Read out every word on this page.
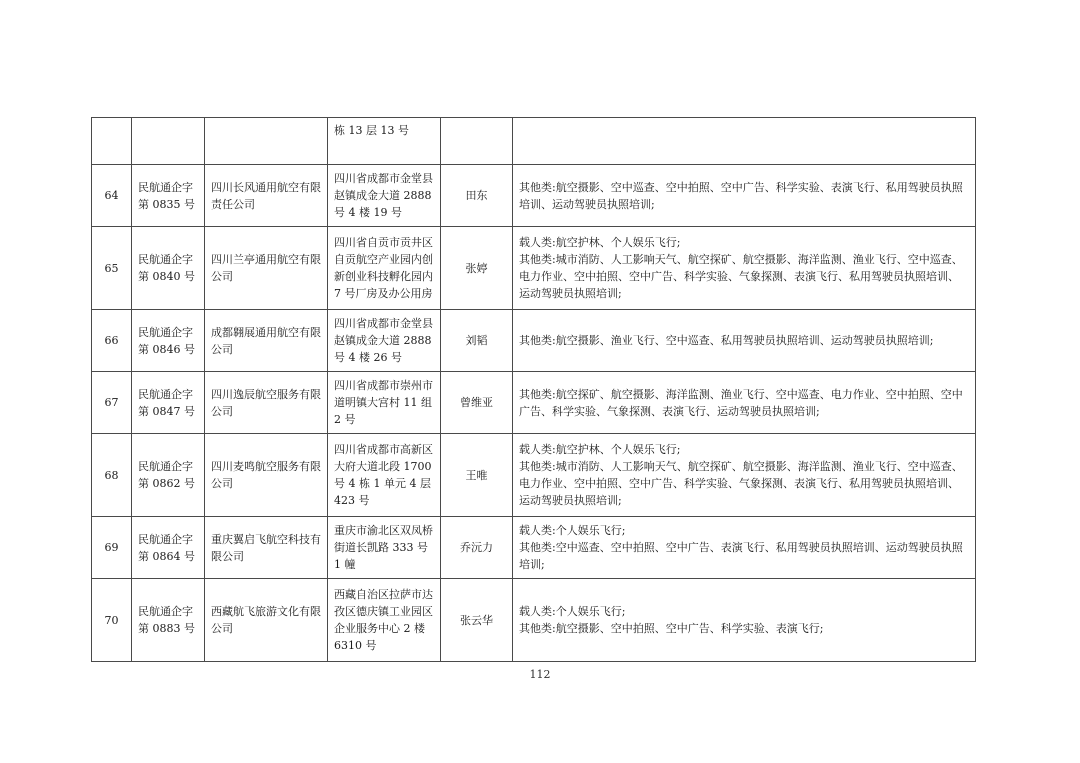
			栋 13 层 13 号		
64	民航通企字第 0835 号	四川长风通用航空有限责任公司	四川省成都市金堂县赵镇成金大道 2888 号 4 楼 19 号	田东	其他类:航空摄影、空中巡查、空中拍照、空中广告、科学实验、表演飞行、私用驾驶员执照培训、运动驾驶员执照培训;

65	民航通企字第 0840 号	四川兰亭通用航空有限公司	四川省自贡市贡井区自贡航空产业园内创新创业科技孵化园内 7 号厂房及办公用房	张婷	载人类:航空护林、个人娱乐飞行;
其他类:城市消防、人工影响天气、航空探矿、航空摄影、海洋监测、渔业飞行、空中巡查、电力作业、空中拍照、空中广告、科学实验、气象探测、表演飞行、私用驾驶员执照培训、运动驾驶员执照培训;

66	民航通企字第 0846 号	成都翱展通用航空有限公司	四川省成都市金堂县赵镇成金大道 2888 号 4 楼 26 号	刘韬	其他类:航空摄影、渔业飞行、空中巡查、私用驾驶员执照培训、运动驾驶员执照培训;

67	民航通企字第 0847 号	四川逸辰航空服务有限公司	四川省成都市崇州市道明镇大宫村 11 组 2 号	曾维亚	其他类:航空探矿、航空摄影、海洋监测、渔业飞行、空中巡查、电力作业、空中拍照、空中广告、科学实验、气象探测、表演飞行、运动驾驶员执照培训;

68	民航通企字第 0862 号	四川麦鸣航空服务有限公司	四川省成都市高新区大府大道北段 1700 号 4 栋 1 单元 4 层 423 号	王唯	载人类:航空护林、个人娱乐飞行;
其他类:城市消防、人工影响天气、航空探矿、航空摄影、海洋监测、渔业飞行、空中巡查、电力作业、空中拍照、空中广告、科学实验、气象探测、表演飞行、私用驾驶员执照培训、运动驾驶员执照培训;

69	民航通企字第 0864 号	重庆翼启飞航空科技有限公司	重庆市渝北区双凤桥街道长凯路 333 号 1 幢	乔沅力	载人类:个人娱乐飞行;
其他类:空中巡查、空中拍照、空中广告、表演飞行、私用驾驶员执照培训、运动驾驶员执照培训;

70	民航通企字第 0883 号	西藏航飞旅游文化有限公司	西藏自治区拉萨市达孜区德庆镇工业园区企业服务中心 2 楼 6310 号	张云华	载人类:个人娱乐飞行;
其他类:航空摄影、空中拍照、空中广告、科学实验、表演飞行;
112
